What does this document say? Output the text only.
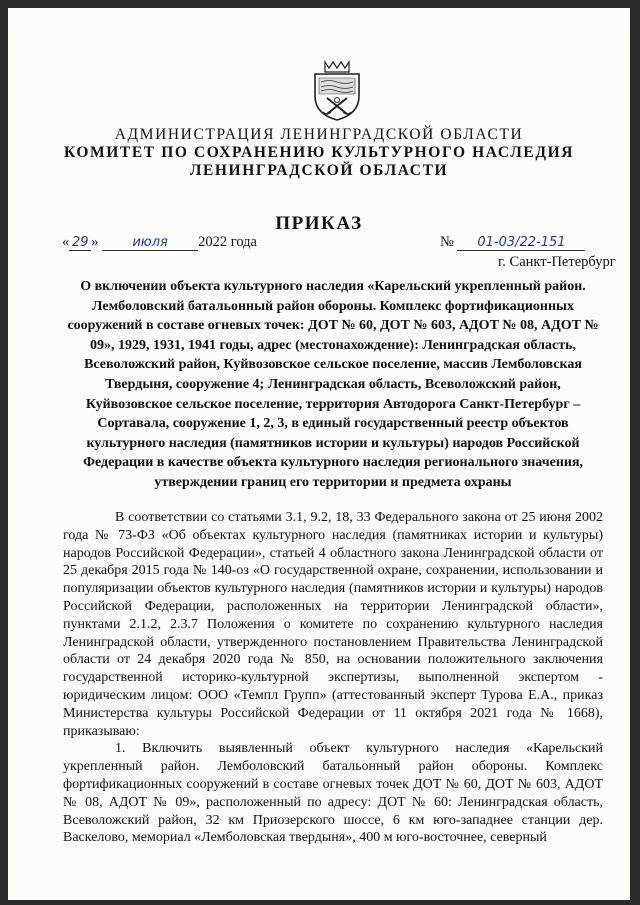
АДМИНИСТРАЦИЯ ЛЕНИНГРАДСКОЙ ОБЛАСТИ
КОМИТЕТ ПО СОХРАНЕНИЮ КУЛЬТУРНОГО НАСЛЕДИЯ
ЛЕНИНГРАДСКОЙ ОБЛАСТИ
ПРИКАЗ
« 29 »	июля 2022 года	№ 01-03/22-151
г. Санкт-Петербург
О включении объекта культурного наследия «Карельский укрепленный район. Лемболовский батальонный район обороны. Комплекс фортификационных сооружений в составе огневых точек: ДОТ № 60, ДОТ № 603, АДОТ № 08, АДОТ № 09», 1929, 1931, 1941 годы, адрес (местонахождение): Ленинградская область, Всеволожский район, Куйвозовское сельское поселение, массив Лемболовская Твердыня, сооружение 4; Ленинградская область, Всеволожский район, Куйвозовское сельское поселение, территория Автодорога Санкт-Петербург – Сортавала, сооружение 1, 2, 3, в единый государственный реестр объектов культурного наследия (памятников истории и культуры) народов Российской Федерации в качестве объекта культурного наследия регионального значения, утверждении границ его территории и предмета охраны

В соответствии со статьями 3.1, 9.2, 18, 33 Федерального закона от 25 июня 2002 года № 73-ФЗ «Об объектах культурного наследия (памятниках истории и культуры) народов Российской Федерации», статьей 4 областного закона Ленинградской области от 25 декабря 2015 года № 140-оз «О государственной охране, сохранении, использовании и популяризации объектов культурного наследия (памятников истории и культуры) народов Российской Федерации, расположенных на территории Ленинградской области», пунктами 2.1.2, 2.3.7 Положения о комитете по сохранению культурного наследия Ленинградской области, утвержденного постановлением Правительства Ленинградской области от 24 декабря 2020 года № 850, на основании положительного заключения государственной историко-культурной экспертизы, выполненной экспертом - юридическим лицом: ООО «Темпл Групп» (аттестованный эксперт Турова Е.А., приказ Министерства культуры Российской Федерации от 11 октября 2021 года № 1668), приказываю:

1. Включить выявленный объект культурного наследия «Карельский укрепленный район. Лемболовский батальонный район обороны. Комплекс фортификационных сооружений в составе огневых точек ДОТ № 60, ДОТ № 603, АДОТ № 08, АДОТ № 09», расположенный по адресу: ДОТ № 60: Ленинградская область, Всеволожский район, 32 км Приозерского шоссе, 6 км юго-западнее станции дер. Васкелово, мемориал «Лемболовская твердыня», 400 м юго-восточнее, северный
